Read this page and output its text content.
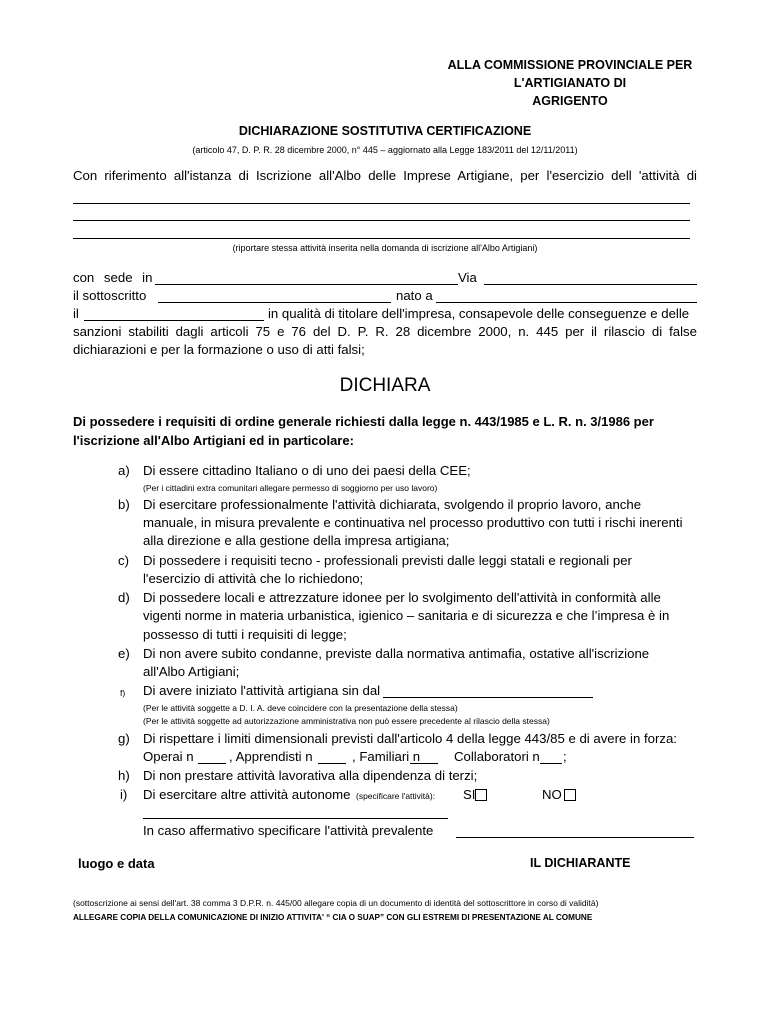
ALLA COMMISSIONE PROVINCIALE PER
L'ARTIGIANATO DI
AGRIGENTO
DICHIARAZIONE SOSTITUTIVA CERTIFICAZIONE
(articolo 47, D. P. R. 28 dicembre 2000, n° 445 – aggiornato alla Legge 183/2011 del 12/11/2011)
Con riferimento all'istanza di Iscrizione all'Albo delle Imprese Artigiane, per l'esercizio dell 'attività di
(riportare stessa attività inserita nella domanda di iscrizione all'Albo Artigiani)
con sede in	Via
il sottoscritto	nato a
il	in qualità di titolare dell'impresa, consapevole delle conseguenze e delle
sanzioni stabiliti dagli articoli 75 e 76 del D. P. R. 28 dicembre 2000, n. 445 per il rilascio di false
dichiarazioni e per la formazione o uso di atti falsi;
DICHIARA
Di possedere i requisiti di ordine generale richiesti dalla legge n. 443/1985 e L. R. n. 3/1986 per
l'iscrizione all'Albo Artigiani ed in particolare:
a) Di essere cittadino Italiano o di uno dei paesi della CEE;
(Per i cittadini extra comunitari allegare permesso di soggiorno per uso lavoro)
b) Di esercitare professionalmente l'attività dichiarata, svolgendo il proprio lavoro, anche
manuale, in misura prevalente e continuativa nel processo produttivo con tutti i rischi inerenti
alla direzione e alla gestione della impresa artigiana;
c) Di possedere i requisiti tecno - professionali previsti dalle leggi statali e regionali per
l'esercizio di attività che lo richiedono;
d) Di possedere locali e attrezzature idonee per lo svolgimento dell'attività in conformità alle
vigenti norme in materia urbanistica, igienico – sanitaria e di sicurezza e che l’impresa è in
possesso di tutti i requisiti di legge;
e) Di non avere subito condanne, previste dalla normativa antimafia, ostative all'iscrizione
all'Albo Artigiani;
f) Di avere iniziato l'attività artigiana sin dal
(Per le attività soggette a D. I. A. deve coincidere con la presentazione della stessa)
(Per le attività soggette ad autorizzazione amministrativa non può essere precedente al rilascio della stessa)
g) Di rispettare i limiti dimensionali previsti dall'articolo 4 della legge 443/85 e di avere in forza:
Operai n	, Apprendisti n	, Familiari n	Collaboratori n ;
h) Di non prestare attività lavorativa alla dipendenza di terzi;
i) Di esercitare altre attività autonome (specificare l'attività): SI	NO
In caso affermativo specificare l'attività prevalente
luogo e data	IL DICHIARANTE
(sottoscrizione ai sensi dell'art. 38 comma 3 D.P.R. n. 445/00 allegare copia di un documento di identità del sottoscrittore in corso di validità)
ALLEGARE COPIA DELLA COMUNICAZIONE DI INIZIO ATTIVITA' “ CIA O SUAP” CON GLI ESTREMI DI PRESENTAZIONE AL COMUNE
